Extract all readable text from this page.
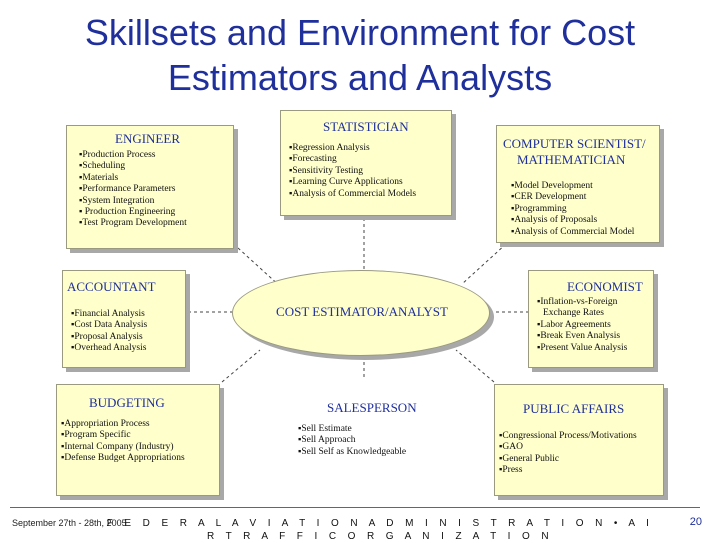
Skillsets and Environment for Cost
Estimators and Analysts
ENGINEER
▪ Production Process
▪ Scheduling
▪ Materials
▪ Performance Parameters
▪ System Integration
▪ Production Engineering
▪ Test Program Development
STATISTICIAN
▪ Regression Analysis
▪ Forecasting
▪ Sensitivity Testing
▪ Learning Curve Applications
▪ Analysis of Commercial Models
COMPUTER SCIENTIST/
MATHEMATICIAN
▪ Model Development
▪ CER Development
▪ Programming
▪ Analysis of Proposals
▪ Analysis of Commercial Model
ACCOUNTANT
▪ Financial Analysis
▪ Cost Data Analysis
▪ Proposal Analysis
▪ Overhead Analysis
COST ESTIMATOR/ANALYST
ECONOMIST
▪ Inflation-vs-Foreign
Exchange Rates
▪ Labor Agreements
▪ Break Even Analysis
▪ Present Value Analysis
BUDGETING
▪ Appropriation Process
▪ Program Specific
▪ Internal Company (Industry)
▪ Defense Budget Appropriations
SALESPERSON
▪ Sell Estimate
▪ Sell Approach
▪ Sell Self as Knowledgeable
PUBLIC AFFAIRS
▪ Congressional Process/Motivations
▪ GAO
▪ General Public
▪ Press
September 27th - 28th, 2005
F E D E R A L A V I A T I O N A D M I N I S T R A T I O N • A I R T R A F F I C O R G A N I Z A T I O N
20
